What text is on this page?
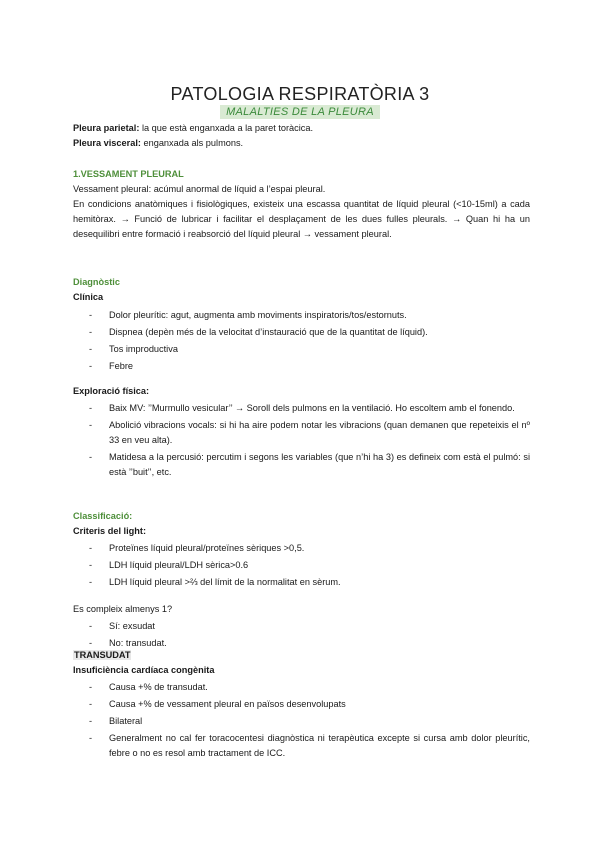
PATOLOGIA RESPIRATÒRIA 3
MALALTIES DE LA PLEURA
Pleura parietal: la que està enganxada a la paret toràcica.
Pleura visceral: enganxada als pulmons.
1.VESSAMENT PLEURAL
Vessament pleural: acúmul anormal de líquid a l’espai pleural.
En condicions anatòmiques i fisiològiques, existeix una escassa quantitat de líquid pleural (<10-15ml) a cada hemitòrax. → Funció de lubricar i facilitar el desplaçament de les dues fulles pleurals. → Quan hi ha un desequilibri entre formació i reabsorció del líquid pleural → vessament pleural.
Diagnòstic
Clínica
- Dolor pleurític: agut, augmenta amb moviments inspiratoris/tos/estornuts.
- Dispnea (depèn més de la velocitat d’instauració que de la quantitat de líquid).
- Tos improductiva
- Febre
Exploració física:
- Baix MV: ’’Murmullo vesicular’’ → Soroll dels pulmons en la ventilació. Ho escoltem amb el fonendo.
- Abolició vibracions vocals: si hi ha aire podem notar les vibracions (quan demanen que repeteixis el nº 33 en veu alta).
- Matidesa a la percusió: percutim i segons les variables (que n’hi ha 3) es defineix com està el pulmó: si està ’’buit’’, etc.
Classificació:
Criteris del light:
- Proteïnes líquid pleural/proteïnes sèriques >0,5.
- LDH líquid pleural/LDH sèrica>0.6
- LDH líquid pleural >⅔ del límit de la normalitat en sèrum.
Es compleix almenys 1?
- Sí: exsudat
- No: transudat.
TRANSUDAT
Insuficiència cardíaca congènita
- Causa +% de transudat.
- Causa +% de vessament pleural en països desenvolupats
- Bilateral
- Generalment no cal fer toracocentesi diagnòstica ni terapèutica excepte si cursa amb dolor pleurític, febre o no es resol amb tractament de ICC.
